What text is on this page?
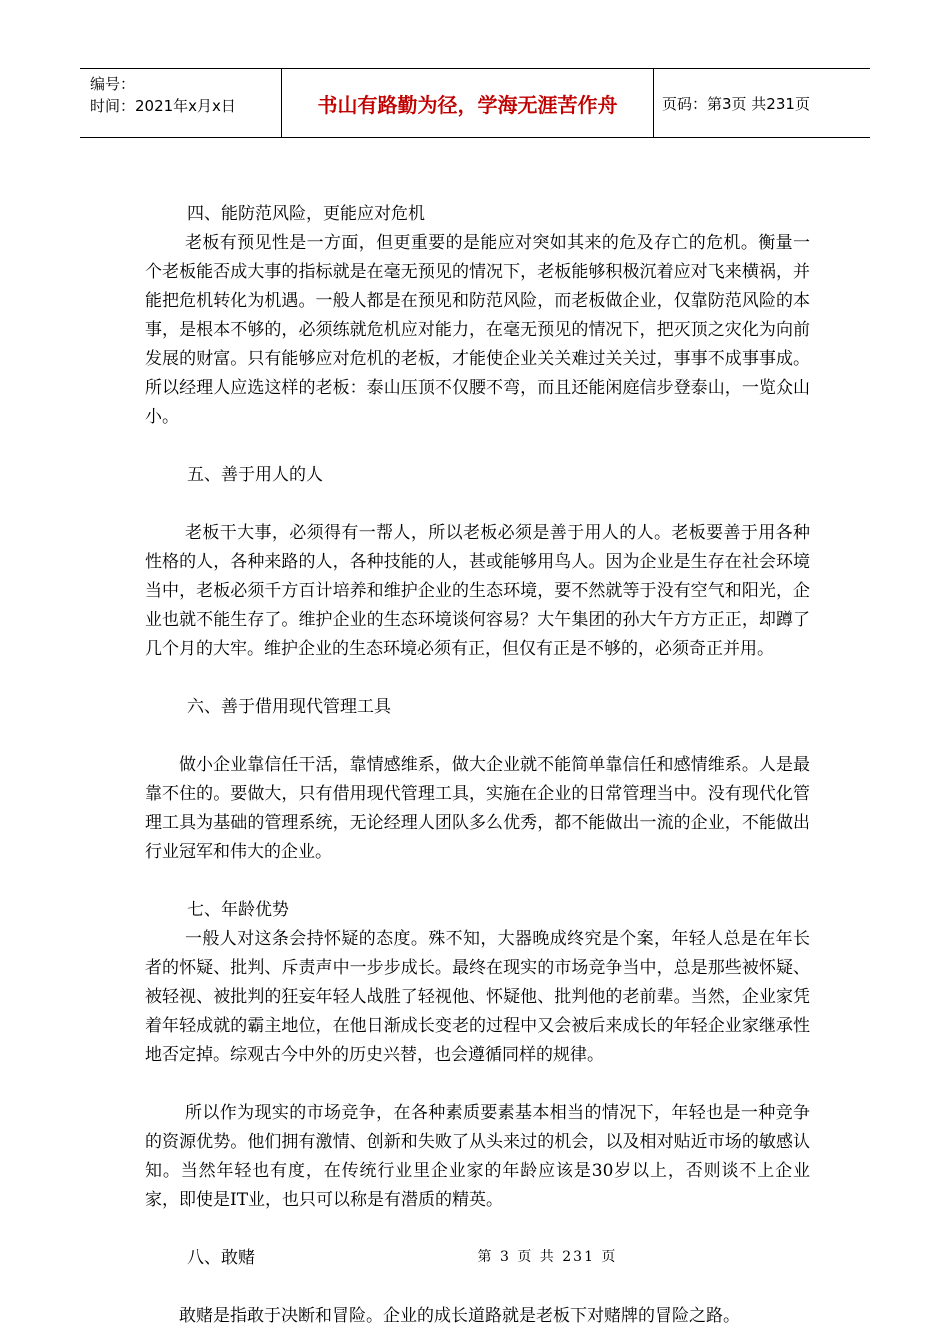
编号：
时间：2021年x月x日	书山有路勤为径，学海无涯苦作舟	页码：第3页 共231页

四、能防范风险，更能应对危机

老板有预见性是一方面，但更重要的是能应对突如其来的危及存亡的危机。衡量一个老板能否成大事的指标就是在毫无预见的情况下，老板能够积极沉着应对飞来横祸，并能把危机转化为机遇。一般人都是在预见和防范风险，而老板做企业，仅靠防范风险的本事，是根本不够的，必须练就危机应对能力，在毫无预见的情况下，把灭顶之灾化为向前发展的财富。只有能够应对危机的老板，才能使企业关关难过关关过，事事不成事事成。所以经理人应选这样的老板：泰山压顶不仅腰不弯，而且还能闲庭信步登泰山，一览众山小。

五、善于用人的人

老板干大事，必须得有一帮人，所以老板必须是善于用人的人。老板要善于用各种性格的人，各种来路的人，各种技能的人，甚或能够用鸟人。因为企业是生存在社会环境当中，老板必须千方百计培养和维护企业的生态环境，要不然就等于没有空气和阳光，企业也就不能生存了。维护企业的生态环境谈何容易？大午集团的孙大午方方正正，却蹲了几个月的大牢。维护企业的生态环境必须有正，但仅有正是不够的，必须奇正并用。

六、善于借用现代管理工具

做小企业靠信任干活，靠情感维系，做大企业就不能简单靠信任和感情维系。人是最靠不住的。要做大，只有借用现代管理工具，实施在企业的日常管理当中。没有现代化管理工具为基础的管理系统，无论经理人团队多么优秀，都不能做出一流的企业，不能做出行业冠军和伟大的企业。

七、年龄优势

一般人对这条会持怀疑的态度。殊不知，大器晚成终究是个案，年轻人总是在年长者的怀疑、批判、斥责声中一步步成长。最终在现实的市场竞争当中，总是那些被怀疑、被轻视、被批判的狂妄年轻人战胜了轻视他、怀疑他、批判他的老前辈。当然，企业家凭着年轻成就的霸主地位，在他日渐成长变老的过程中又会被后来成长的年轻企业家继承性地否定掉。综观古今中外的历史兴替，也会遵循同样的规律。

所以作为现实的市场竞争，在各种素质要素基本相当的情况下，年轻也是一种竞争的资源优势。他们拥有激情、创新和失败了从头来过的机会，以及相对贴近市场的敏感认知。当然年轻也有度，在传统行业里企业家的年龄应该是30岁以上，否则谈不上企业家，即使是IT业，也只可以称是有潜质的精英。

八、敢赌

敢赌是指敢于决断和冒险。企业的成长道路就是老板下对赌牌的冒险之路。

第 3 页 共 231 页
